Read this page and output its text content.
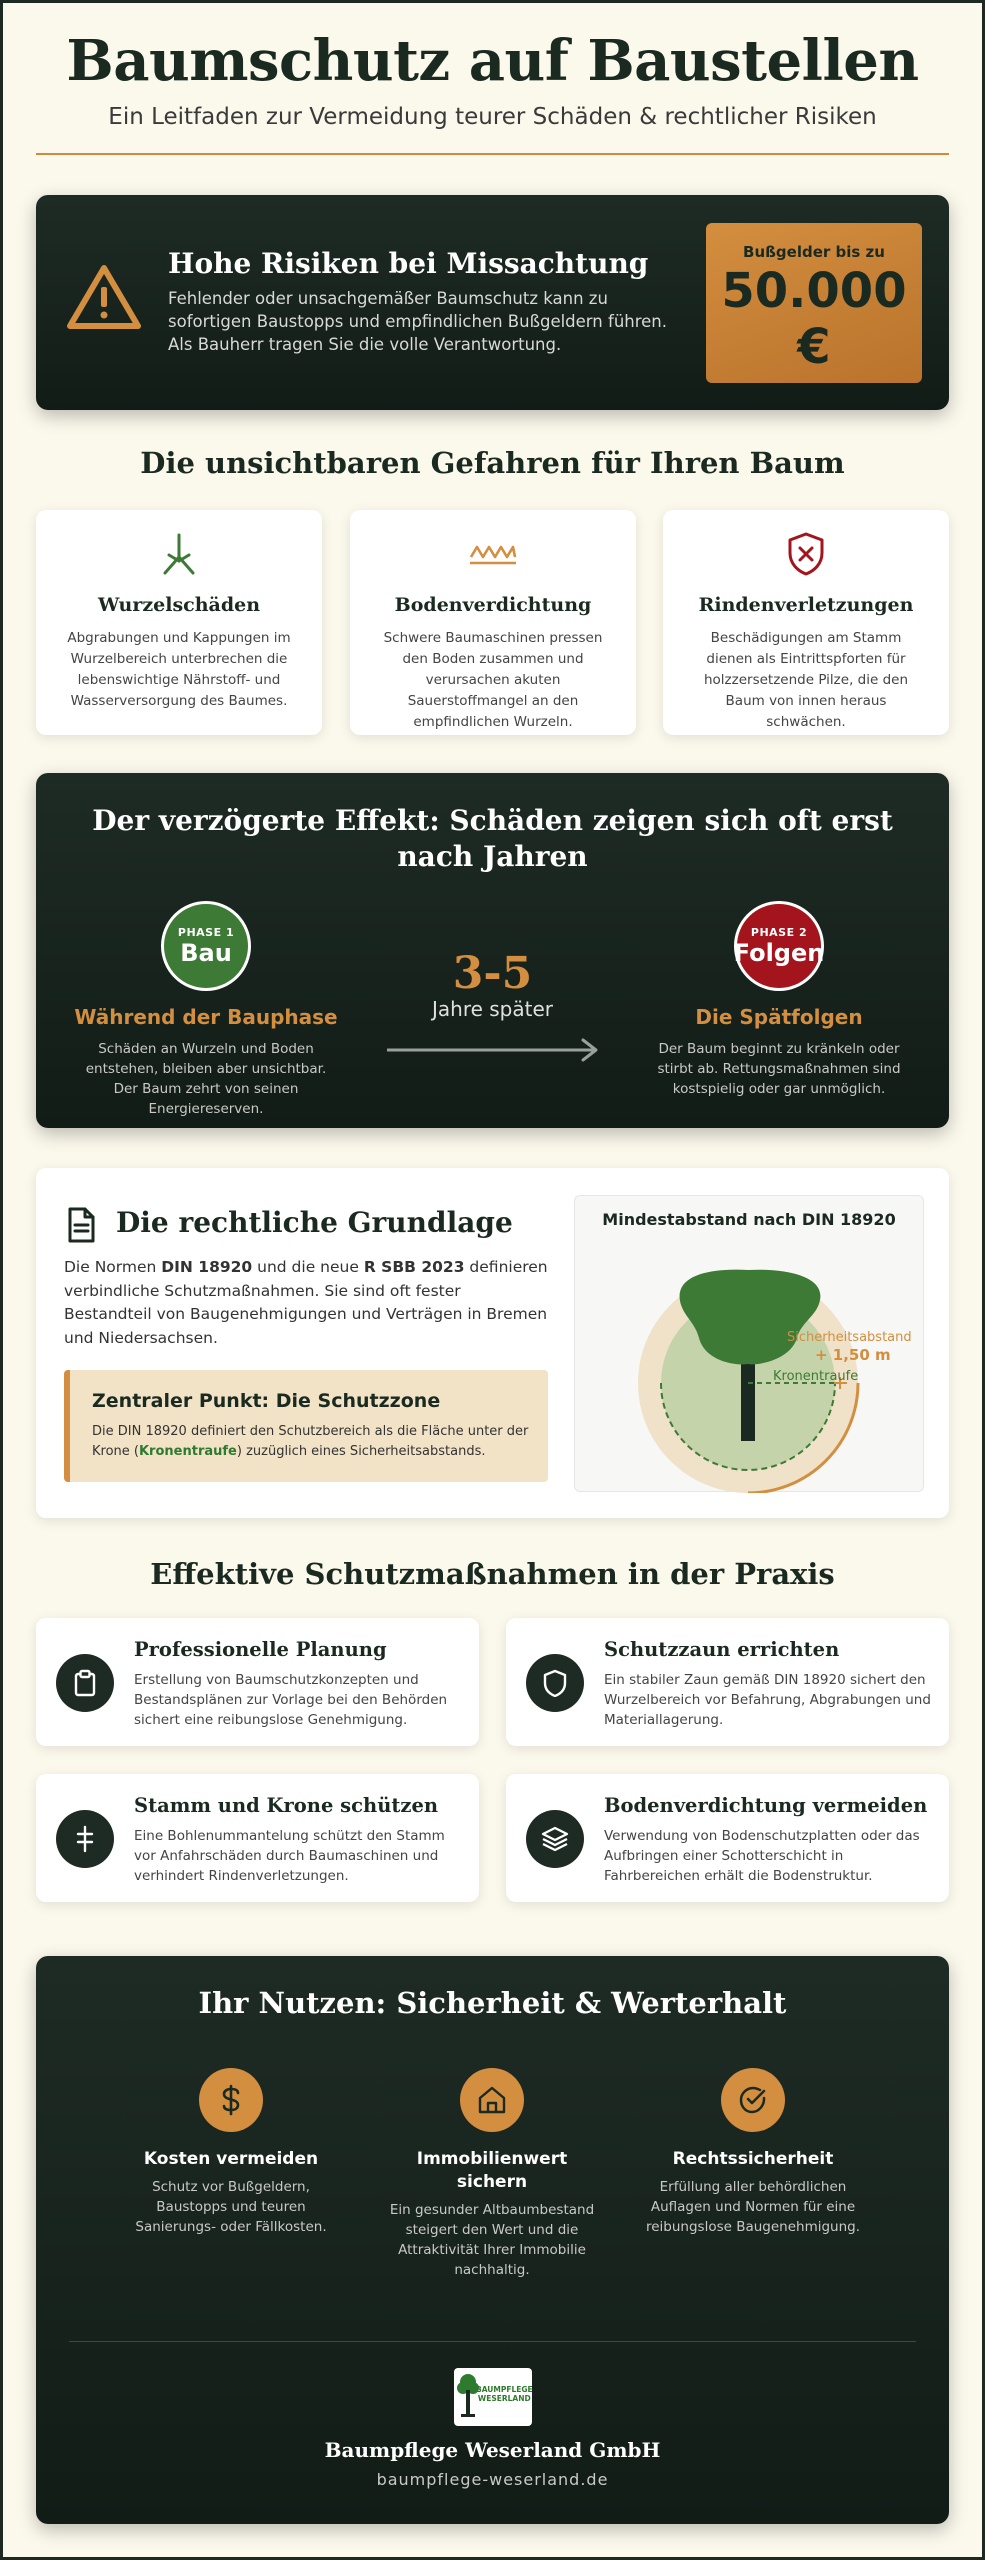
Baumschutz auf Baustellen

Ein Leitfaden zur Vermeidung teurer Schäden & rechtlicher Risiken

Hohe Risiken bei Missachtung

Fehlender oder unsachgemäßer Baumschutz kann zu sofortigen Baustopps und empfindlichen Bußgeldern führen. Als Bauherr tragen Sie die volle Verantwortung.

Bußgelder bis zu
50.000
€
Die unsichtbaren Gefahren für Ihren Baum
Wurzelschäden

Abgrabungen und Kappungen im Wurzelbereich unterbrechen die lebenswichtige Nährstoff- und Wasserversorgung des Baumes.

Bodenverdichtung

Schwere Baumaschinen pressen den Boden zusammen und verursachen akuten Sauerstoffmangel an den empfindlichen Wurzeln.

Rindenverletzungen

Beschädigungen am Stamm dienen als Eintrittspforten für holzzersetzende Pilze, die den Baum von innen heraus schwächen.

Der verzögerte Effekt: Schäden zeigen sich oft erst nach Jahren
PHASE 1
Bau
Während der Bauphase

Schäden an Wurzeln und Boden entstehen, bleiben aber unsichtbar. Der Baum zehrt von seinen Energiereserven.

3-5
Jahre später
PHASE 2
Folgen
Die Spätfolgen

Der Baum beginnt zu kränkeln oder stirbt ab. Rettungsmaßnahmen sind kostspielig oder gar unmöglich.

Die rechtliche Grundlage

Die Normen DIN 18920 und die neue R SBB 2023 definieren verbindliche Schutzmaßnahmen. Sie sind oft fester Bestandteil von Baugenehmigungen und Verträgen in Bremen und Niedersachsen.

Zentraler Punkt: Die Schutzzone

Die DIN 18920 definiert den Schutzbereich als die Fläche unter der Krone (Kronentraufe) zuzüglich eines Sicherheitsabstands.

Mindestabstand nach DIN 18920
Sicherheitsabstand
+ 1,50 m
Kronentraufe
Effektive Schutzmaßnahmen in der Praxis
Professionelle Planung

Erstellung von Baumschutzkonzepten und Bestandsplänen zur Vorlage bei den Behörden sichert eine reibungslose Genehmigung.

Schutzzaun errichten

Ein stabiler Zaun gemäß DIN 18920 sichert den Wurzelbereich vor Befahrung, Abgrabungen und Materiallagerung.

Stamm und Krone schützen

Eine Bohlenummantelung schützt den Stamm vor Anfahrschäden durch Baumaschinen und verhindert Rindenverletzungen.

Bodenverdichtung vermeiden

Verwendung von Bodenschutzplatten oder das Aufbringen einer Schotterschicht in Fahrbereichen erhält die Bodenstruktur.

Ihr Nutzen: Sicherheit & Werterhalt
Kosten vermeiden

Schutz vor Bußgeldern, Baustopps und teuren Sanierungs- oder Fällkosten.

Immobilienwert sichern

Ein gesunder Altbaumbestand steigert den Wert und die Attraktivität Ihrer Immobilie nachhaltig.

Rechtssicherheit

Erfüllung aller behördlichen Auflagen und Normen für eine reibungslose Baugenehmigung.

BAUMPFLEGE
WESERLAND
Baumpflege Weserland GmbH
baumpflege-weserland.de
